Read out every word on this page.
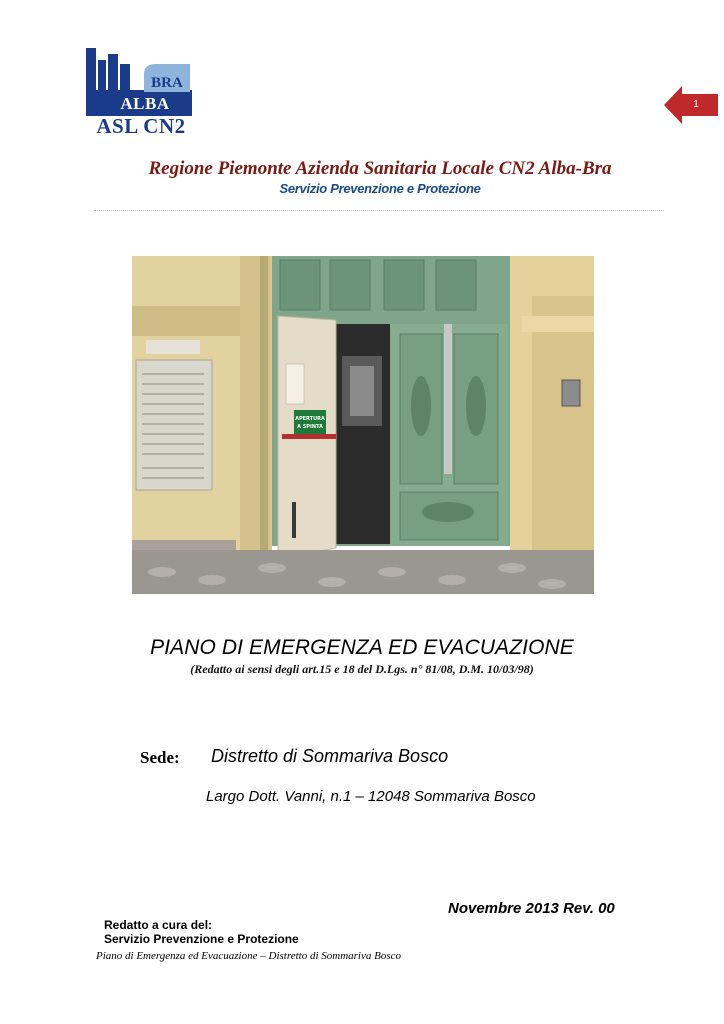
BRA
ALBA
ASL CN2
1
Regione Piemonte Azienda Sanitaria Locale CN2 Alba-Bra
Servizio Prevenzione e Protezione
APERTURA
A SPINTA
PIANO DI EMERGENZA ED EVACUAZIONE
(Redatto ai sensi degli art.15 e 18 del D.Lgs. n° 81/08, D.M. 10/03/98)
Sede: Distretto di Sommariva Bosco
Largo Dott. Vanni, n.1 – 12048 Sommariva Bosco
Novembre 2013 Rev. 00
Redatto a cura del:
Servizio Prevenzione e Protezione
Piano di Emergenza ed Evacuazione – Distretto di Sommariva Bosco
